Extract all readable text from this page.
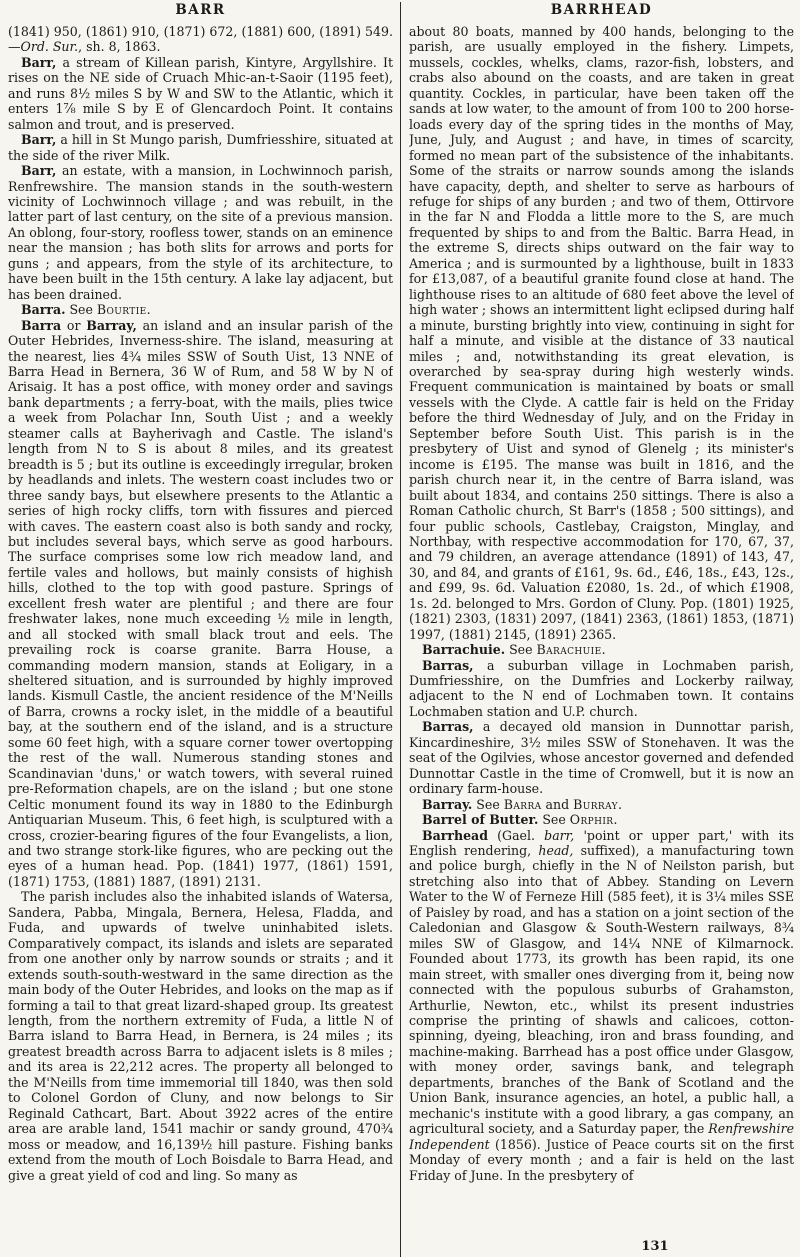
BARR

(1841) 950, (1861) 910, (1871) 672, (1881) 600, (1891) 549.—Ord. Sur., sh. 8, 1863.

Barr, a stream of Killean parish, Kintyre, Argyllshire. It rises on the NE side of Cruach Mhic-an-t-Saoir (1195 feet), and runs 8½ miles S by W and SW to the Atlantic, which it enters 1⅞ mile S by E of Glencardoch Point. It contains salmon and trout, and is preserved.

Barr, a hill in St Mungo parish, Dumfriesshire, situated at the side of the river Milk.

Barr, an estate, with a mansion, in Lochwinnoch parish, Renfrewshire. The mansion stands in the south-western vicinity of Lochwinnoch village ; and was rebuilt, in the latter part of last century, on the site of a previous mansion. An oblong, four-story, roofless tower, stands on an eminence near the mansion ; has both slits for arrows and ports for guns ; and appears, from the style of its architecture, to have been built in the 15th century. A lake lay adjacent, but has been drained.

Barra. See Bourtie.

Barra or Barray, an island and an insular parish of the Outer Hebrides, Inverness-shire. The island, measuring at the nearest, lies 4¾ miles SSW of South Uist, 13 NNE of Barra Head in Bernera, 36 W of Rum, and 58 W by N of Arisaig. It has a post office, with money order and savings bank departments ; a ferry-boat, with the mails, plies twice a week from Polachar Inn, South Uist ; and a weekly steamer calls at Bayherivagh and Castle. The island's length from N to S is about 8 miles, and its greatest breadth is 5 ; but its outline is exceedingly irregular, broken by headlands and inlets. The western coast includes two or three sandy bays, but elsewhere presents to the Atlantic a series of high rocky cliffs, torn with fissures and pierced with caves. The eastern coast also is both sandy and rocky, but includes several bays, which serve as good harbours. The surface comprises some low rich meadow land, and fertile vales and hollows, but mainly consists of highish hills, clothed to the top with good pasture. Springs of excellent fresh water are plentiful ; and there are four freshwater lakes, none much exceeding ½ mile in length, and all stocked with small black trout and eels. The prevailing rock is coarse granite. Barra House, a commanding modern mansion, stands at Eoligary, in a sheltered situation, and is surrounded by highly improved lands. Kismull Castle, the ancient residence of the M'Neills of Barra, crowns a rocky islet, in the middle of a beautiful bay, at the southern end of the island, and is a structure some 60 feet high, with a square corner tower overtopping the rest of the wall. Numerous standing stones and Scandinavian 'duns,' or watch towers, with several ruined pre-Reformation chapels, are on the island ; but one stone Celtic monument found its way in 1880 to the Edinburgh Antiquarian Museum. This, 6 feet high, is sculptured with a cross, crozier-bearing figures of the four Evangelists, a lion, and two strange stork-like figures, who are pecking out the eyes of a human head. Pop. (1841) 1977, (1861) 1591, (1871) 1753, (1881) 1887, (1891) 2131.

The parish includes also the inhabited islands of Watersa, Sandera, Pabba, Mingala, Bernera, Helesa, Fladda, and Fuda, and upwards of twelve uninhabited islets. Comparatively compact, its islands and islets are separated from one another only by narrow sounds or straits ; and it extends south-south-westward in the same direction as the main body of the Outer Hebrides, and looks on the map as if forming a tail to that great lizard-shaped group. Its greatest length, from the northern extremity of Fuda, a little N of Barra island to Barra Head, in Bernera, is 24 miles ; its greatest breadth across Barra to adjacent islets is 8 miles ; and its area is 22,212 acres. The property all belonged to the M'Neills from time immemorial till 1840, was then sold to Colonel Gordon of Cluny, and now belongs to Sir Reginald Cathcart, Bart. About 3922 acres of the entire area are arable land, 1541 machir or sandy ground, 470¾ moss or meadow, and 16,139½ hill pasture. Fishing banks extend from the mouth of Loch Boisdale to Barra Head, and give a great yield of cod and ling. So many as

BARRHEAD

about 80 boats, manned by 400 hands, belonging to the parish, are usually employed in the fishery. Limpets, mussels, cockles, whelks, clams, razor-fish, lobsters, and crabs also abound on the coasts, and are taken in great quantity. Cockles, in particular, have been taken off the sands at low water, to the amount of from 100 to 200 horse-loads every day of the spring tides in the months of May, June, July, and August ; and have, in times of scarcity, formed no mean part of the subsistence of the inhabitants. Some of the straits or narrow sounds among the islands have capacity, depth, and shelter to serve as harbours of refuge for ships of any burden ; and two of them, Ottirvore in the far N and Flodda a little more to the S, are much frequented by ships to and from the Baltic. Barra Head, in the extreme S, directs ships outward on the fair way to America ; and is surmounted by a lighthouse, built in 1833 for £13,087, of a beautiful granite found close at hand. The lighthouse rises to an altitude of 680 feet above the level of high water ; shows an intermittent light eclipsed during half a minute, bursting brightly into view, continuing in sight for half a minute, and visible at the distance of 33 nautical miles ; and, notwithstanding its great elevation, is overarched by sea-spray during high westerly winds. Frequent communication is maintained by boats or small vessels with the Clyde. A cattle fair is held on the Friday before the third Wednesday of July, and on the Friday in September before South Uist. This parish is in the presbytery of Uist and synod of Glenelg ; its minister's income is £195. The manse was built in 1816, and the parish church near it, in the centre of Barra island, was built about 1834, and contains 250 sittings. There is also a Roman Catholic church, St Barr's (1858 ; 500 sittings), and four public schools, Castlebay, Craigston, Minglay, and Northbay, with respective accommodation for 170, 67, 37, and 79 children, an average attendance (1891) of 143, 47, 30, and 84, and grants of £161, 9s. 6d., £46, 18s., £43, 12s., and £99, 9s. 6d. Valuation £2080, 1s. 2d., of which £1908, 1s. 2d. belonged to Mrs. Gordon of Cluny. Pop. (1801) 1925, (1821) 2303, (1831) 2097, (1841) 2363, (1861) 1853, (1871) 1997, (1881) 2145, (1891) 2365.

Barrachuie. See Barachuie.

Barras, a suburban village in Lochmaben parish, Dumfriesshire, on the Dumfries and Lockerby railway, adjacent to the N end of Lochmaben town. It contains Lochmaben station and U.P. church.

Barras, a decayed old mansion in Dunnottar parish, Kincardineshire, 3½ miles SSW of Stonehaven. It was the seat of the Ogilvies, whose ancestor governed and defended Dunnottar Castle in the time of Cromwell, but it is now an ordinary farm-house.

Barray. See Barra and Burray.

Barrel of Butter. See Orphir.

Barrhead (Gael. barr, 'point or upper part,' with its English rendering, head, suffixed), a manufacturing town and police burgh, chiefly in the N of Neilston parish, but stretching also into that of Abbey. Standing on Levern Water to the W of Ferneze Hill (585 feet), it is 3¼ miles SSE of Paisley by road, and has a station on a joint section of the Caledonian and Glasgow & South-Western railways, 8¾ miles SW of Glasgow, and 14¼ NNE of Kilmarnock. Founded about 1773, its growth has been rapid, its one main street, with smaller ones diverging from it, being now connected with the populous suburbs of Grahamston, Arthurlie, Newton, etc., whilst its present industries comprise the printing of shawls and calicoes, cotton-spinning, dyeing, bleaching, iron and brass founding, and machine-making. Barrhead has a post office under Glasgow, with money order, savings bank, and telegraph departments, branches of the Bank of Scotland and the Union Bank, insurance agencies, an hotel, a public hall, a mechanic's institute with a good library, a gas company, an agricultural society, and a Saturday paper, the Renfrewshire Independent (1856). Justice of Peace courts sit on the first Monday of every month ; and a fair is held on the last Friday of June. In the presbytery of

131
